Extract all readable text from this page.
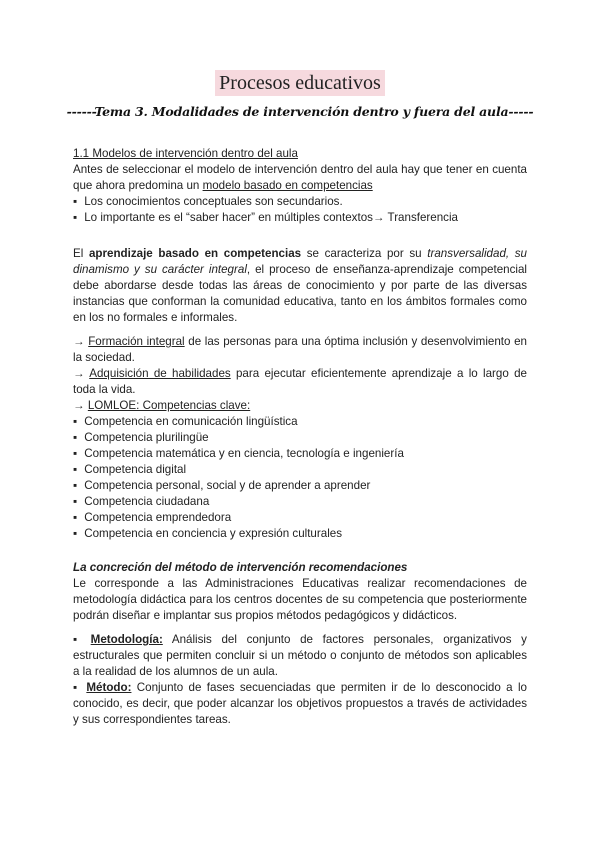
Procesos educativos
------Tema 3. Modalidades de intervención dentro y fuera del aula-----

1.1 Modelos de intervención dentro del aula

Antes de seleccionar el modelo de intervención dentro del aula hay que tener en cuenta que ahora predomina un modelo basado en competencias

▪ Los conocimientos conceptuales son secundarios.
▪ Lo importante es el “saber hacer” en múltiples contextos→ Transferencia

El aprendizaje basado en competencias se caracteriza por su transversalidad, su dinamismo y su carácter integral, el proceso de enseñanza-aprendizaje competencial debe abordarse desde todas las áreas de conocimiento y por parte de las diversas instancias que conforman la comunidad educativa, tanto en los ámbitos formales como en los no formales e informales.

→ Formación integral de las personas para una óptima inclusión y desenvolvimiento en la sociedad.

→ Adquisición de habilidades para ejecutar eficientemente aprendizaje a lo largo de toda la vida.

→ LOMLOE: Competencias clave:

▪ Competencia en comunicación lingüística
▪ Competencia plurilingüe
▪ Competencia matemática y en ciencia, tecnología e ingeniería
▪ Competencia digital
▪ Competencia personal, social y de aprender a aprender
▪ Competencia ciudadana
▪ Competencia emprendedora
▪ Competencia en conciencia y expresión culturales

La concreción del método de intervención recomendaciones

Le corresponde a las Administraciones Educativas realizar recomendaciones de metodología didáctica para los centros docentes de su competencia que posteriormente podrán diseñar e implantar sus propios métodos pedagógicos y didácticos.

▪ Metodología: Análisis del conjunto de factores personales, organizativos y estructurales que permiten concluir si un método o conjunto de métodos son aplicables a la realidad de los alumnos de un aula.

▪ Método: Conjunto de fases secuenciadas que permiten ir de lo desconocido a lo conocido, es decir, que poder alcanzar los objetivos propuestos a través de actividades y sus correspondientes tareas.
